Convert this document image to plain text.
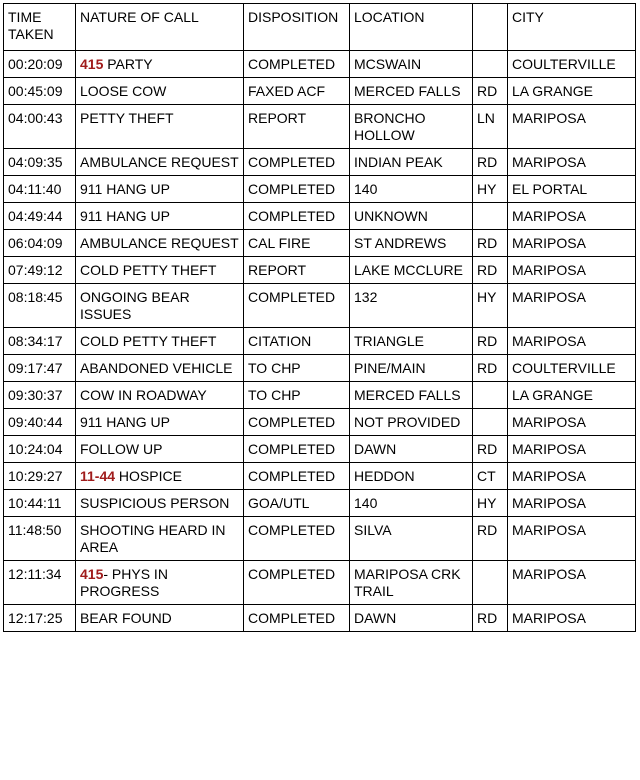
TIME TAKEN	NATURE OF CALL	DISPOSITION	LOCATION		CITY
00:20:09	415 PARTY	COMPLETED	MCSWAIN		COULTERVILLE
00:45:09	LOOSE COW	FAXED ACF	MERCED FALLS	RD	LA GRANGE
04:00:43	PETTY THEFT	REPORT	BRONCHO HOLLOW	LN	MARIPOSA
04:09:35	AMBULANCE REQUEST	COMPLETED	INDIAN PEAK	RD	MARIPOSA
04:11:40	911 HANG UP	COMPLETED	140	HY	EL PORTAL
04:49:44	911 HANG UP	COMPLETED	UNKNOWN		MARIPOSA
06:04:09	AMBULANCE REQUEST	CAL FIRE	ST ANDREWS	RD	MARIPOSA
07:49:12	COLD PETTY THEFT	REPORT	LAKE MCCLURE	RD	MARIPOSA
08:18:45	ONGOING BEAR ISSUES	COMPLETED	132	HY	MARIPOSA
08:34:17	COLD PETTY THEFT	CITATION	TRIANGLE	RD	MARIPOSA
09:17:47	ABANDONED VEHICLE	TO CHP	PINE/MAIN	RD	COULTERVILLE
09:30:37	COW IN ROADWAY	TO CHP	MERCED FALLS		LA GRANGE
09:40:44	911 HANG UP	COMPLETED	NOT PROVIDED		MARIPOSA
10:24:04	FOLLOW UP	COMPLETED	DAWN	RD	MARIPOSA
10:29:27	11-44 HOSPICE	COMPLETED	HEDDON	CT	MARIPOSA
10:44:11	SUSPICIOUS PERSON	GOA/UTL	140	HY	MARIPOSA
11:48:50	SHOOTING HEARD IN AREA	COMPLETED	SILVA	RD	MARIPOSA
12:11:34	415- PHYS IN PROGRESS	COMPLETED	MARIPOSA CRK TRAIL		MARIPOSA
12:17:25	BEAR FOUND	COMPLETED	DAWN	RD	MARIPOSA
